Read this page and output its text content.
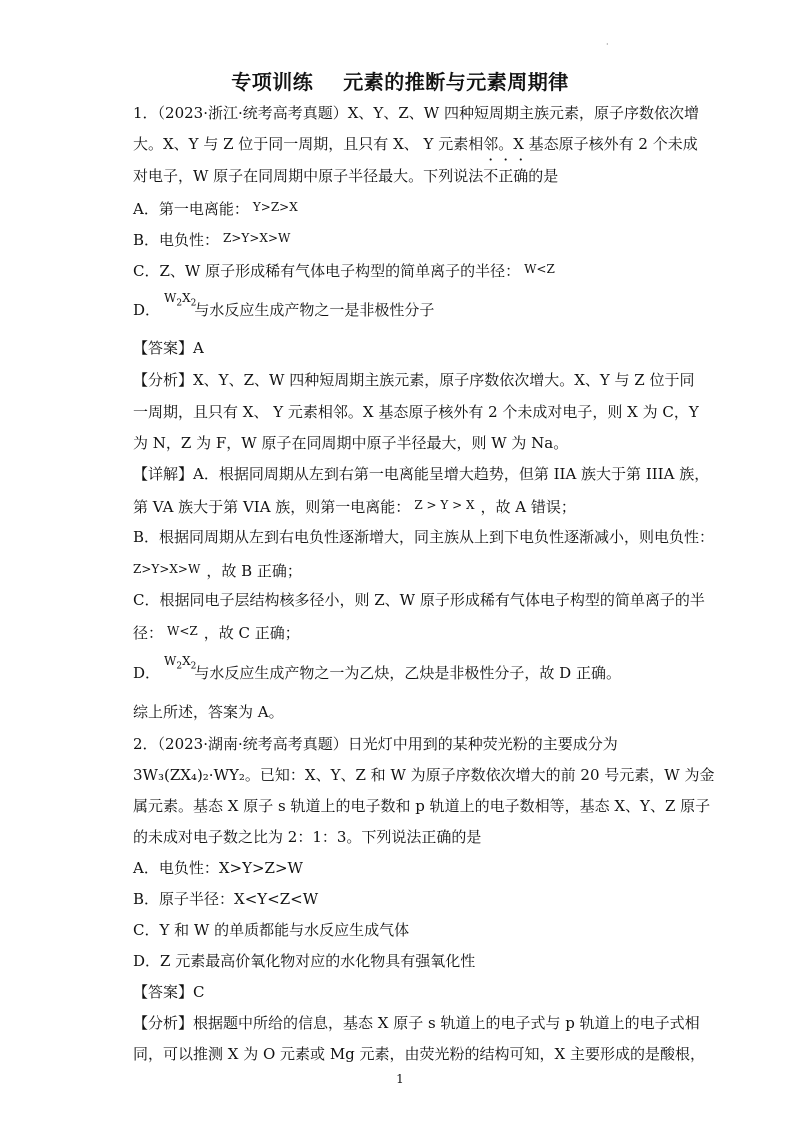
·
专项训练 元素的推断与元素周期律
1．（2023·浙江·统考高考真题）X、Y、Z、W 四种短周期主族元素，原子序数依次增
大。X、Y 与 Z 位于同一周期，且只有 X、 Y 元素相邻。X 基态原子核外有 2 个未成
对电子，W 原子在同周期中原子半径最大。下列说法不正确的是
A．第一电离能： Y>Z>X
B．电负性： Z>Y>X>W
C．Z、W 原子形成稀有气体电子构型的简单离子的半径： W<Z
D．$W_2X_2$与水反应生成产物之一是非极性分子
【答案】A
【分析】X、Y、Z、W 四种短周期主族元素，原子序数依次增大。X、Y 与 Z 位于同
一周期，且只有 X、 Y 元素相邻。X 基态原子核外有 2 个未成对电子，则 X 为 C，Y
为 N，Z 为 F，W 原子在同周期中原子半径最大，则 W 为 Na。
【详解】A．根据同周期从左到右第一电离能呈增大趋势，但第 IIA 族大于第 IIIA 族，
第 VA 族大于第 VIA 族，则第一电离能： Z > Y > X ，故 A 错误；
B．根据同周期从左到右电负性逐渐增大，同主族从上到下电负性逐渐减小，则电负性：
Z>Y>X>W ，故 B 正确；
C．根据同电子层结构核多径小，则 Z、W 原子形成稀有气体电子构型的简单离子的半
径： W<Z ，故 C 正确；
D．$W_2X_2$与水反应生成产物之一为乙炔，乙炔是非极性分子，故 D 正确。
综上所述，答案为 A。
2．（2023·湖南·统考高考真题）日光灯中用到的某种荧光粉的主要成分为
3W₃(ZX₄)₂·WY₂。已知：X、Y、Z 和 W 为原子序数依次增大的前 20 号元素，W 为金
属元素。基态 X 原子 s 轨道上的电子数和 p 轨道上的电子数相等，基态 X、Y、Z 原子
的未成对电子数之比为 2：1：3。下列说法正确的是
A．电负性：X>Y>Z>W
B．原子半径：X<Y<Z<W
C．Y 和 W 的单质都能与水反应生成气体
D．Z 元素最高价氧化物对应的水化物具有强氧化性
【答案】C
【分析】根据题中所给的信息，基态 X 原子 s 轨道上的电子式与 p 轨道上的电子式相
同，可以推测 X 为 O 元素或 Mg 元素，由荧光粉的结构可知，X 主要形成的是酸根，
1
